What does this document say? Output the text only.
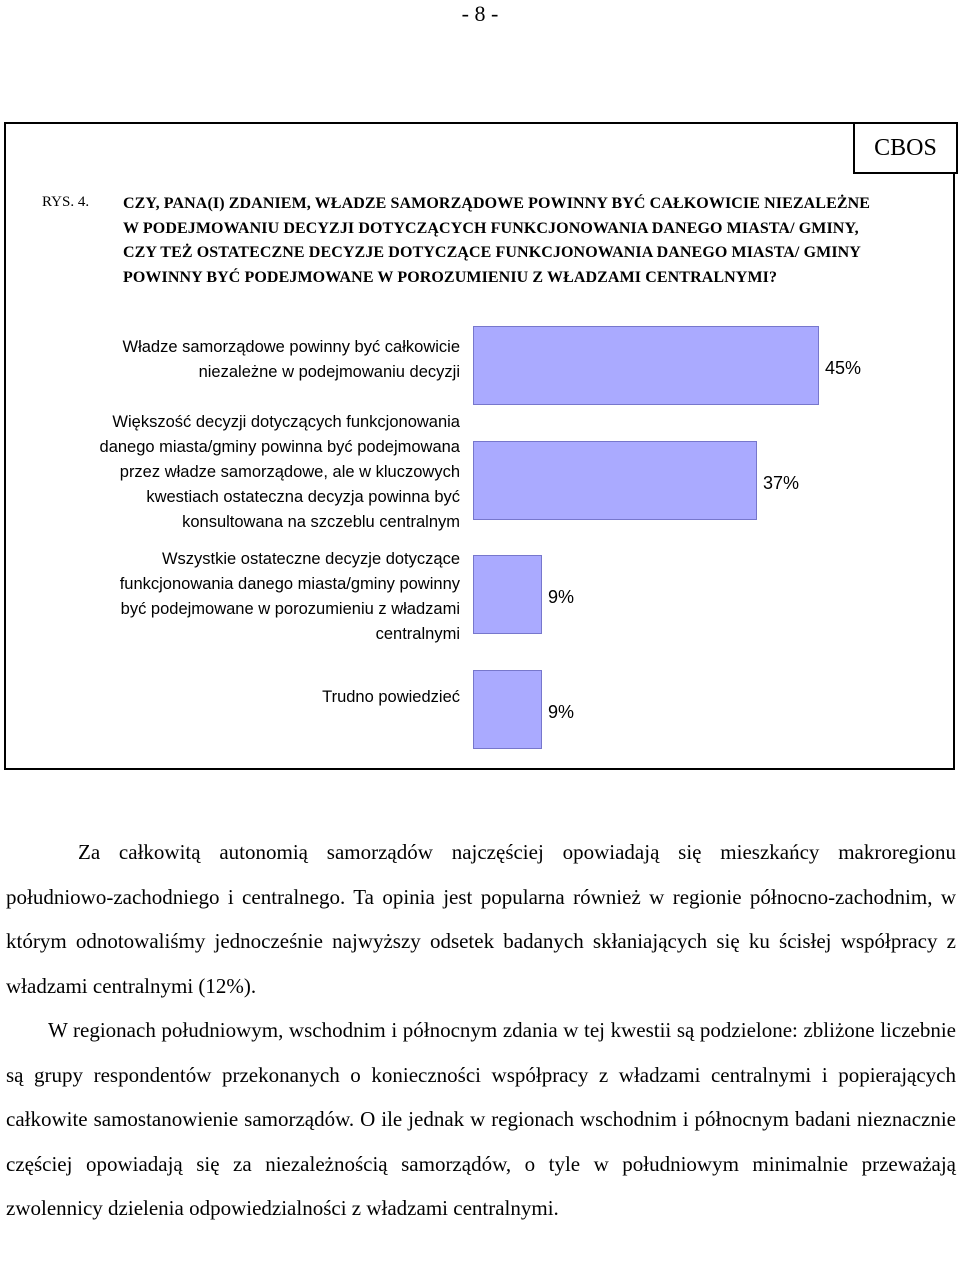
- 8 -
CBOS
RYS. 4. CZY, PANA(I) ZDANIEM, WŁADZE SAMORZĄDOWE POWINNY BYĆ CAŁKOWICIE NIEZALEŻNE W PODEJMOWANIU DECYZJI DOTYCZĄCYCH FUNKCJONOWANIA DANEGO MIASTA/ GMINY, CZY TEŻ OSTATECZNE DECYZJE DOTYCZĄCE FUNKCJONOWANIA DANEGO MIASTA/ GMINY POWINNY BYĆ PODEJMOWANE W POROZUMIENIU Z WŁADZAMI CENTRALNYMI?
Władze samorządowe powinny być całkowicie
niezależne w podejmowaniu decyzji	45%
Większość decyzji dotyczących funkcjonowania
danego miasta/gminy powinna być podejmowana
przez władze samorządowe, ale w kluczowych
kwestiach ostateczna decyzja powinna być
konsultowana na szczeblu centralnym
37%
Wszystkie ostateczne decyzje dotyczące
funkcjonowania danego miasta/gminy powinny
być podejmowane w porozumieniu z władzami
centralnymi
9%
Trudno powiedzieć
9%
Za całkowitą autonomią samorządów najczęściej opowiadają się mieszkańcy makroregionu południowo-zachodniego i centralnego. Ta opinia jest popularna również w regionie północno-zachodnim, w którym odnotowaliśmy jednocześnie najwyższy odsetek badanych skłaniających się ku ścisłej współpracy z władzami centralnymi (12%).
W regionach południowym, wschodnim i północnym zdania w tej kwestii są podzielone: zbliżone liczebnie są grupy respondentów przekonanych o konieczności współpracy z władzami centralnymi i popierających całkowite samostanowienie samorządów. O ile jednak w regionach wschodnim i północnym badani nieznacznie częściej opowiadają się za niezależnością samorządów, o tyle w południowym minimalnie przeważają zwolennicy dzielenia odpowiedzialności z władzami centralnymi.
